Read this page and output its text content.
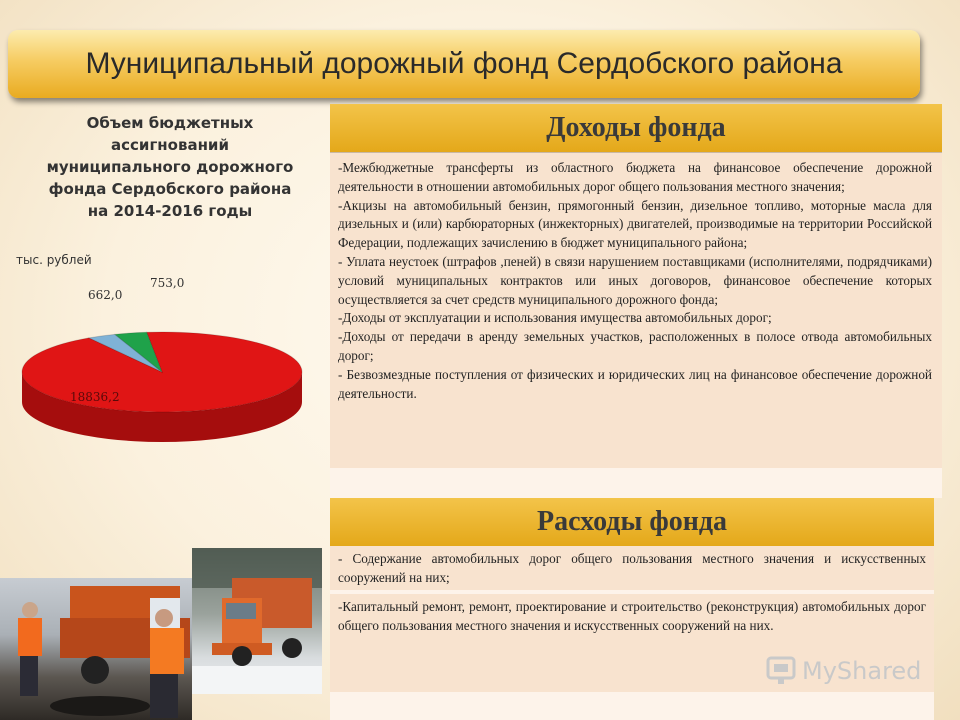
Муниципальный дорожный фонд Сердобского района
Объем бюджетных ассигнований муниципального дорожного фонда Сердобского района на 2014-2016 годы
тыс. рублей
662,0
753,0
18836,2
Доходы фонда

-Межбюджетные трансферты из областного бюджета на финансовое обеспечение дорожной деятельности в отношении автомобильных дорог общего пользования местного значения;

-Акцизы на автомобильный бензин, прямогонный бензин, дизельное топливо, моторные масла для дизельных и (или) карбюраторных (инжекторных) двигателей, производимые на территории Российской Федерации, подлежащих зачислению в бюджет муниципального района;

- Уплата неустоек (штрафов ,пеней) в связи нарушением поставщиками (исполнителями, подрядчиками) условий муниципальных контрактов или иных договоров, финансовое обеспечение которых осуществляется за счет средств муниципального дорожного фонда;

-Доходы от эксплуатации и использования имущества автомобильных дорог;

-Доходы от передачи в аренду земельных участков, расположенных в полосе отвода автомобильных дорог;

- Безвозмездные поступления от физических и юридических лиц на финансовое обеспечение дорожной деятельности.

Расходы фонда

- Содержание автомобильных дорог общего пользования местного значения и искусственных сооружений на них;

-Капитальный ремонт, ремонт, проектирование и строительство (реконструкция) автомобильных дорог общего пользования местного значения и искусственных сооружений на них.

MyShared
